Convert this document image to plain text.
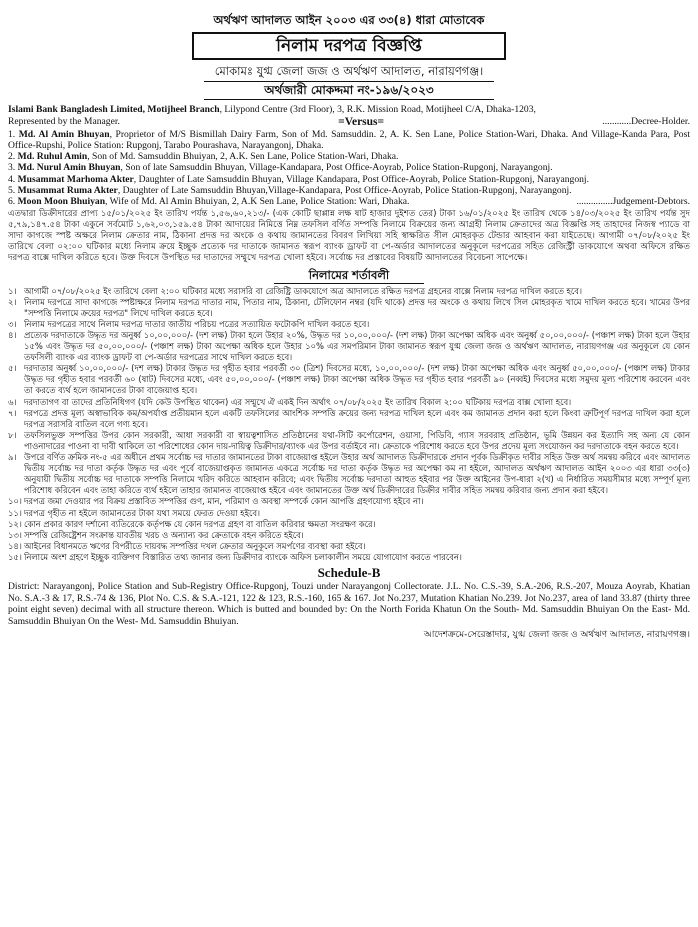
অর্থঋণ আদালত আইন ২০০৩ এর ৩৩(৪) ধারা মোতাবেক
নিলাম দরপত্র বিজ্ঞপ্তি
মোকামঃ যুগ্ম জেলা জজ ও অর্থঋণ আদালত, নারায়ণগঞ্জ।
অর্থজারী মোকদ্দমা নং-১৯৬/২০২৩

Islami Bank Bangladesh Limited, Motijheel Branch, Lilypond Centre (3rd Floor), 3, R.K. Mission Road, Motijheel C/A, Dhaka-1203,

Represented by the Manager.	=Versus=	............Decree-Holder.

1. Md. Al Amin Bhuyan, Proprietor of M/S Bismillah Dairy Farm, Son of Md. Samsuddin. 2, A. K. Sen Lane, Police Station-Wari, Dhaka. And Village-Kanda Para, Post Office-Rupshi, Police Station: Rupgonj, Tarabo Pourashava, Narayangonj, Dhaka.

2. Md. Ruhul Amin, Son of Md. Samsuddin Bhuiyan, 2, A.K. Sen Lane, Police Station-Wari, Dhaka.

3. Md. Nurul Amin Bhuyan, Son of late Samsuddin Bhuyan, Village-Kandapara, Post Office-Aoyrab, Police Station-Rupgonj, Narayangonj.

4. Musammat Marhoma Akter, Daughter of Late Samsuddin Bhuyan, Village Kandapara, Post Office-Aoyrab, Police Station-Rupgonj, Narayangonj.

5. Musammat Ruma Akter, Daughter of Late Samsuddin Bhuyan,Village-Kandapara, Post Office-Aoyrab, Police Station-Rupgonj, Narayangonj.

6. Moon Moon Bhuiyan, Wife of Md. Al Amin Bhuiyan, 2, A.K Sen Lane, Police Station: Wari, Dhaka.	...............Judgement-Debtors.

এতদ্বারা ডিক্রীদারের প্রাপ্য ১৫/০১/২০২৫ ইং তারিখ পর্যন্ত ১,৫৬,৬০,২১৩/- (এক কোটি ছাপ্পান্ন লক্ষ ষাট হাজার দুইশত তের) টাকা ১৬/০১/২০২৫ ইং তারিখ থেকে ১৪/০৩/২০২৫ ইং তারিখ পর্যন্ত সুদ ৫,৭৯,১৪৭.৫৪ টাকা একুনে সর্বমোট ১,৬২,০৩,১৫৯.৫৪ টাকা আদায়ের নিমিত্তে নিম্ন তফসিল বর্ণিত সম্পত্তি নিলামে বিক্রয়ের জন্য আগ্রহী নিলাম ক্রেতাদের অত্র বিজ্ঞপ্তি সহ তাহাদের নিজস্ব প্যাডে বা সাদা কাগজে স্পষ্ট অক্ষরে নিলাম ক্রেতার নাম, ঠিকানা প্রদত্ত দর অংকে ও কথায় জামানতের বিবরণ লিখিয়া সহি স্বাক্ষরিত সীল মোহরকৃত টেন্ডার আহবান করা যাইতেছে। আগামী ০৭/০৮/২০২৫ ইং তারিখে বেলা ০২:০০ ঘটিকার মধ্যে নিলাম ক্রয়ে ইচ্ছুক প্রত্যেক দর দাতাকে জামানত স্বরূপ ব্যাংক ড্রাফট বা পে-অর্ডার আদালতের অনুকূলে দরপত্রের সহিত রেজিস্ট্রী ডাকযোগে অথবা অফিসে রক্ষিত দরপত্র বাক্সে দাখিল করিতে হবে। উক্ত দিবসে উপস্থিত দর দাতাদের সম্মুখে দরপত্র খোলা হইবে। সর্বোচ্চ দর প্রস্তাবের বিষয়টি আদালতের বিবেচনা সাপেক্ষে।

নিলামের শর্তাবলী
১। আগামী ০৭/০৮/২০২৫ ইং তারিখে বেলা ২:০০ ঘটিকার মধ্যে সরাসরি বা রেজিষ্ট্রি ডাকযোগে অত্র আদালতে রক্ষিত দরপত্র গ্রহনের বাক্সে নিলাম দরপত্র দাখিল করতে হবে।
২। নিলাম দরপত্রে সাদা কাগজে স্পষ্টাক্ষরে নিলাম দরপত্র দাতার নাম, পিতার নাম, ঠিকানা, টেলিফোন নম্বর (যদি থাকে) প্রদত্ত দর অংকে ও কথায় লিখে সিল মোহরকৃত খামে দাখিল করতে হবে। খামের উপর "সম্পত্তি নিলামে ক্রয়ের দরপত্র" লিখে দাখিল করতে হবে।
৩। নিলাম দরপত্রের সাথে নিলাম দরপত্র দাতার জাতীয় পরিচয় পত্রের সত্যায়িত ফটোকপি দাখিল করতে হবে।
৪। প্রত্যেক দরদাতাকে উদ্ধৃত দর অনুর্ধ্ব ১০,০০,০০০/- (দশ লক্ষ) টাকা হলে উহার ২০%, উদ্ধৃত দর ১০,০০,০০০/- (দশ লক্ষ) টাকা অপেক্ষা অধিক এবং অনুর্ধ্ব ৫০,০০,০০০/- (পঞ্চাশ লক্ষ) টাকা হলে উহার ১৫% এবং উদ্ধৃত দর ৫০,০০,০০০/- (পঞ্চাশ লক্ষ) টাকা অপেক্ষা অধিক হলে উহার ১০% এর সমপরিমান টাকা জামানত স্বরূপ যুগ্ম জেলা জজ ও অর্থঋণ আদালত, নারায়ণগঞ্জ এর অনুকূলে যে কোন তফসিলী ব্যাংক এর ব্যাংক ড্রাফট বা পে-অর্ডার দরপত্রের সাথে দাখিল করতে হবে।
৫। দরদাতার অনুর্ধ্ব ১০,০০,০০০/- (দশ লক্ষ) টাকার উদ্ধৃত দর গৃহীত হবার পরবর্তী ৩০ (ত্রিশ) দিবসের মধ্যে, ১০,০০,০০০/- (দশ লক্ষ) টাকা অপেক্ষা অধিক এবং অনুর্ধ্ব ৫০,০০,০০০/- (পঞ্চাশ লক্ষ) টাকার উদ্ধৃত দর গৃহীত হবার পরবর্তী ৬০ (ষাট) দিবসের মধ্যে, এবং ৫০,০০,০০০/- (পঞ্চাশ লক্ষ) টাকা অপেক্ষা অধিক উদ্ধৃত দর গৃহীত হবার পরবর্তী ৯০ (নব্বই) দিবসের মধ্যে সমুদয় মূল্য পরিশোধ করবেন এবং তা করতে ব্যর্থ হলে জামানতের টাকা বাজেয়াপ্ত হবে।
৬। দরদাতাগণ বা তাদের প্রতিনিধিগণ (যদি কেউ উপস্থিত থাকেন) এর সম্মুখে ঐ একই দিন অর্থাৎ ০৭/০৮/২০২৫ ইং তারিখ বিকাল ২:০০ ঘটিকায় দরপত্র বাক্স খোলা হবে।
৭। দরপত্রে প্রদত্ত মূল্য অস্বাভাবিক কম/অপর্যাপ্ত প্রতীয়মান হলে একটি তফসিলের আংশিক সম্পত্তি ক্রয়ের জন্য দরপত্র দাখিল হলে এবং কম জামানত প্রদান করা হলে কিংবা ত্রুটিপূর্ণ দরপত্র দাখিল করা হলে দরপত্র সরাসরি বাতিল বলে গণ্য হবে।
৮। তফসিলভুক্ত সম্পত্তির উপর কোন সরকারী, আধা সরকারী বা স্বায়ত্বশাসিত প্রতিষ্ঠানের যথা-সিটি কর্পোরেশন, ওয়াসা, পিডিবি, গ্যাস সরবরাহ প্রতিষ্ঠান, ভূমি উন্নয়ন কর ইত্যাদি সহ অন্য যে কোন পাওনাদারের পাওনা বা দাবী থাকিলে তা পরিশোধের কোন দায়-দায়িত্ব ডিক্রীদার/ব্যাংক এর উপর বর্তাইবে না। ক্রেতাকে পরিশোধ করতে হবে উপর প্রদেয় মূল্য সংযোজন কর দরদাতাকে বহন করতে হবে।
৯। উপরে বর্ণিত ক্রমিক নং-৫ এর অধীনে প্রথম সর্বোচ্চ দর দাতার জামানতের টাকা বাজেয়াপ্ত হইলে উহার অর্থ আদালত ডিক্রীদারকে প্রদান পূর্বক ডিক্রীকৃত দাবীর সহিত উক্ত অর্থ সমন্বয় করিবে এবং আদালত দ্বিতীয় সর্বোচ্চ দর দাতা কর্তৃক উদ্ধৃত দর এবং পূর্বে বাজেয়াপ্তকৃত জামানত একত্রে সর্বোচ্চ দর দাতা কর্তৃক উদ্ধৃত দর অপেক্ষা কম না হইলে, আদালত অর্থঋণ আদালত আইন ২০০৩ এর ধারা ৩৩(৩) অনুযায়ী দ্বিতীয় সর্বোচ্চ দর দাতাকে সম্পত্তি নিলামে খরিদ করিতে আহবান করিবে; এবং দ্বিতীয় সর্বোচ্চ দরদাতা আহুত হইবার পর উক্ত আইনের উপ-ধারা ২(খ) এ নির্ধারিত সময়সীমার মধ্যে সম্পূর্ণ মূল্য পরিশোধ করিবেন এবং তাহা করিতে ব্যর্থ হইলে তাহার জামানত বাজেয়াপ্ত হইবে এবং জামানতের উক্ত অর্থ ডিক্রীদারের ডিক্রীর দাবীর সহিত সমন্বয় করিবার জন্য প্রদান করা হইবে।
১০। দরপত্র জমা দেওয়ার পর বিক্রয় প্রস্তাবিত সম্পত্তির গুণ, মান, পরিমাণ ও অবস্থা সম্পর্কে কোন আপত্তি গ্রহণযোগ্য হইবে না।
১১। দরপত্র গৃহীত না হইলে জামানতের টাকা যথা সময়ে ফেরত দেওয়া হইবে।
১২। কোন প্রকার কারণ দর্শানো ব্যতিরেকে কর্তৃপক্ষ যে কোন দরপত্র গ্রহণ বা বাতিল করিবার ক্ষমতা সংরক্ষণ করে।
১৩। সম্পত্তি রেজিষ্ট্রেশন সংক্রান্ত যাবতীয় খরচ ও অন্যান্য কর ক্রেতাকে বহন করিতে হইবে।
১৪। আইনের বিধানমতে ঋণের বিপরীতে দায়বদ্ধ সম্পত্তির দখল ক্রেতার অনুকূলে সমর্পণের ব্যবস্থা করা হইবে।
১৫। নিলামে অংশ গ্রহণে ইচ্ছুক ব্যক্তিগণ বিস্তারিত তথ্য জানার জন্য ডিক্রীদার ব্যাংকে অফিস চলাকালীন সময়ে যোগাযোগ করতে পারবেন।
Schedule-B

District: Narayangonj, Police Station and Sub-Registry Office-Rupgonj, Touzi under Narayangonj Collectorate. J.L. No. C.S.-39, S.A.-206, R.S.-207, Mouza Aoyrab, Khatian No. S.A.-3 & 17, R.S.-74 & 136, Plot No. C.S. & S.A.-121, 122 & 123, R.S.-160, 165 & 167. Jot No.237, Mutation Khatian No.239. Jot No.237, area of land 33.87 (thirty three point eight seven) decimal with all structure thereon. Which is butted and bounded by: On the North Forida Khatun On the South- Md. Samsuddin Bhuiyan On the East- Md. Samsuddin Bhuiyan On the West- Md. Samsuddin Bhuiyan.

আদেশক্রমে-সেরেস্তাদার, যুগ্ম জেলা জজ ও অর্থঋণ আদালত, নারায়ণগঞ্জ।
